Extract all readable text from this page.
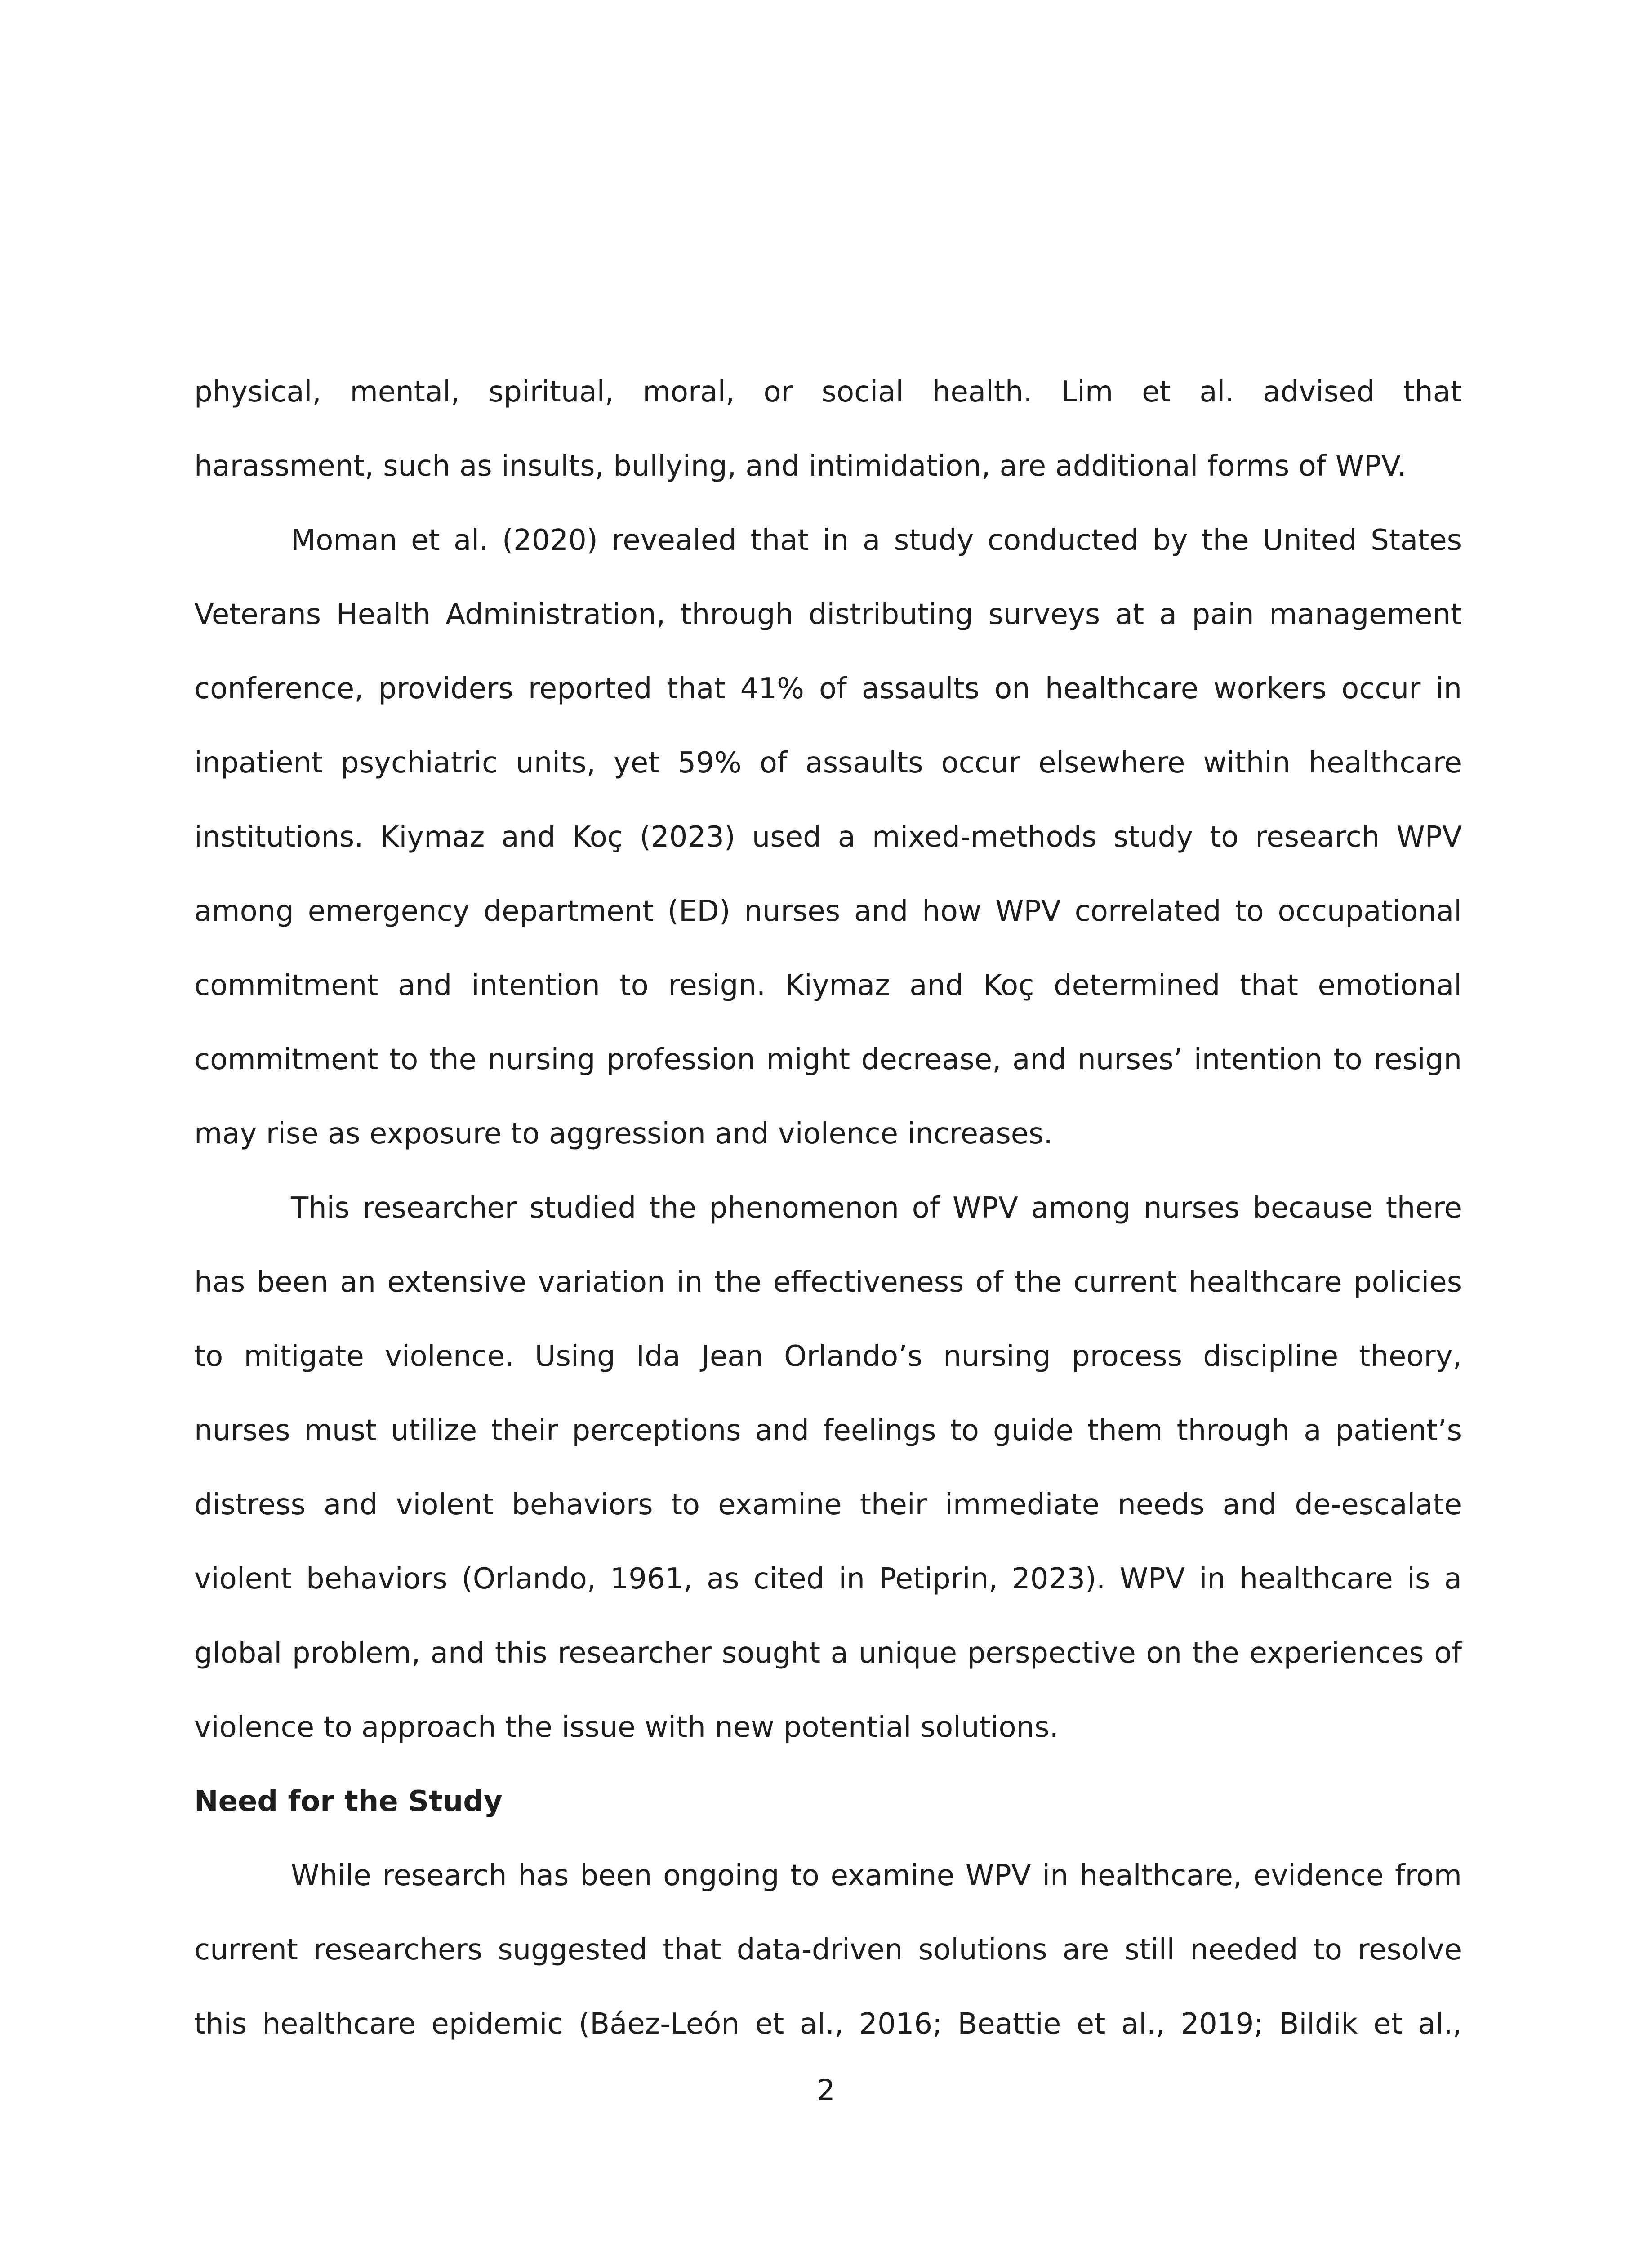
physical, mental, spiritual, moral, or social health. Lim et al. advised that
harassment, such as insults, bullying, and intimidation, are additional forms of WPV.
Moman et al. (2020) revealed that in a study conducted by the United States
Veterans Health Administration, through distributing surveys at a pain management
conference, providers reported that 41% of assaults on healthcare workers occur in
inpatient psychiatric units, yet 59% of assaults occur elsewhere within healthcare
institutions. Kiymaz and Koç (2023) used a mixed-methods study to research WPV
among emergency department (ED) nurses and how WPV correlated to occupational
commitment and intention to resign. Kiymaz and Koç determined that emotional
commitment to the nursing profession might decrease, and nurses’ intention to resign
may rise as exposure to aggression and violence increases.
This researcher studied the phenomenon of WPV among nurses because there
has been an extensive variation in the effectiveness of the current healthcare policies
to mitigate violence. Using Ida Jean Orlando’s nursing process discipline theory,
nurses must utilize their perceptions and feelings to guide them through a patient’s
distress and violent behaviors to examine their immediate needs and de-escalate
violent behaviors (Orlando, 1961, as cited in Petiprin, 2023). WPV in healthcare is a
global problem, and this researcher sought a unique perspective on the experiences of
violence to approach the issue with new potential solutions.
Need for the Study
While research has been ongoing to examine WPV in healthcare, evidence from
current researchers suggested that data-driven solutions are still needed to resolve
this healthcare epidemic (Báez-León et al., 2016; Beattie et al., 2019; Bildik et al.,
2
